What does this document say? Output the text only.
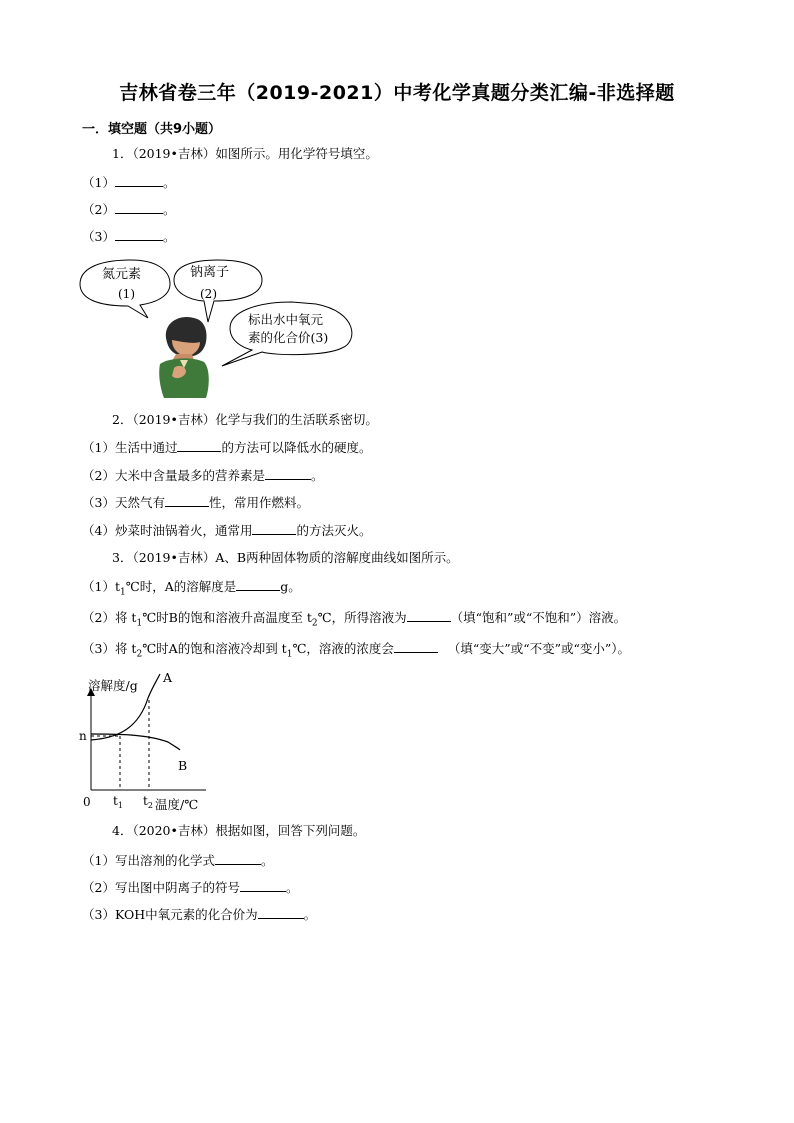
吉林省卷三年（2019-2021）中考化学真题分类汇编-非选择题
一．填空题（共9小题）
1．（2019•吉林）如图所示。用化学符号填空。
（1）	。
（2）	。
（3）	。
氮元素
(1)
钠离子
(2)
标出水中氧元
素的化合价(3)
2．（2019•吉林）化学与我们的生活联系密切。
（1）生活中通过	的方法可以降低水的硬度。
（2）大米中含量最多的营养素是	。
（3）天然气有	性，常用作燃料。
（4）炒菜时油锅着火，通常用	的方法灭火。
3．（2019•吉林）A、B两种固体物质的溶解度曲线如图所示。
$(1)t_1℃$时，A的溶解度是	g。
（2）将 $t_1℃$时B的饱和溶液升高温度至 $t_2℃$，所得溶液为	（填“饱和”或“不饱和”）溶液。
（3）将 $t_2℃$时A的饱和溶液冷却到 $t_1℃$，溶液的浓度会	（填“变大”或“不变”或“变小”）。
溶解度/g
n
0
A
B
$t_1$ $t_2$ 温度/℃
4．（2020•吉林）根据如图，回答下列问题。
（1）写出溶剂的化学式	。
（2）写出图中阴离子的符号	。
（3）KOH中氧元素的化合价为	。
